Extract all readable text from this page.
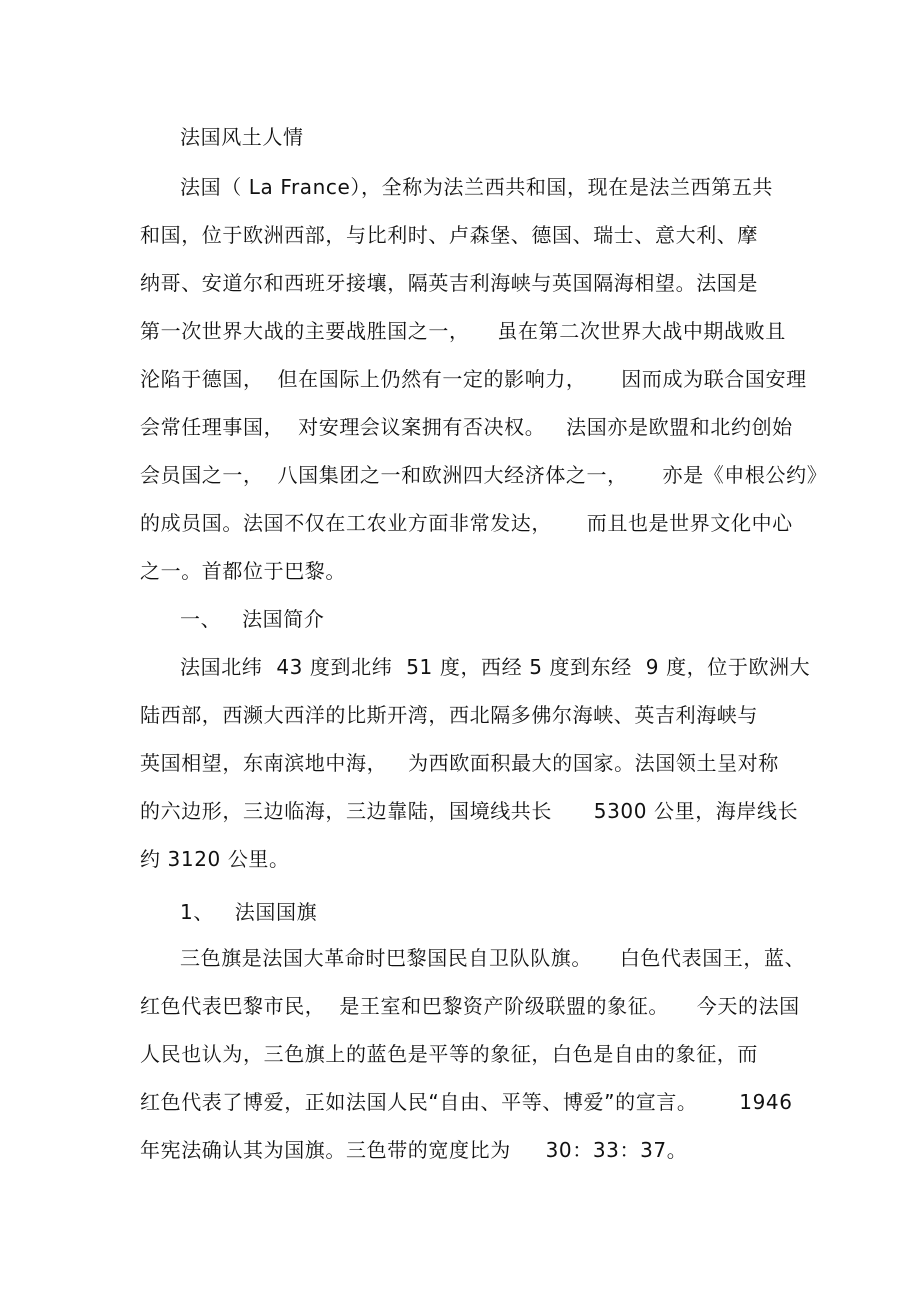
法国风土人情
法国（ La France），全称为法兰西共和国，现在是法兰西第五共
和国，位于欧洲西部，与比利时、卢森堡、德国、瑞士、意大利、摩
纳哥、安道尔和西班牙接壤，隔英吉利海峡与英国隔海相望。法国是
第一次世界大战的主要战胜国之一，    虽在第二次世界大战中期战败且
沦陷于德国，  但在国际上仍然有一定的影响力，     因而成为联合国安理
会常任理事国，  对安理会议案拥有否决权。   法国亦是欧盟和北约创始
会员国之一，  八国集团之一和欧洲四大经济体之一，     亦是《申根公约》
的成员国。法国不仅在工农业方面非常发达，     而且也是世界文化中心
之一。首都位于巴黎。
一、   法国简介
法国北纬  43 度到北纬  51 度，西经 5 度到东经  9 度，位于欧洲大
陆西部，西濒大西洋的比斯开湾，西北隔多佛尔海峡、英吉利海峡与
英国相望，东南滨地中海，   为西欧面积最大的国家。法国领土呈对称
的六边形，三边临海，三边靠陆，国境线共长      5300 公里，海岸线长
约 3120 公里。
1、   法国国旗
三色旗是法国大革命时巴黎国民自卫队队旗。    白色代表国王，蓝、
红色代表巴黎市民，  是王室和巴黎资产阶级联盟的象征。    今天的法国
人民也认为，三色旗上的蓝色是平等的象征，白色是自由的象征，而
红色代表了博爱，正如法国人民“自由、平等、博爱”的宣言。      1946
年宪法确认其为国旗。三色带的宽度比为     30：33：37。
